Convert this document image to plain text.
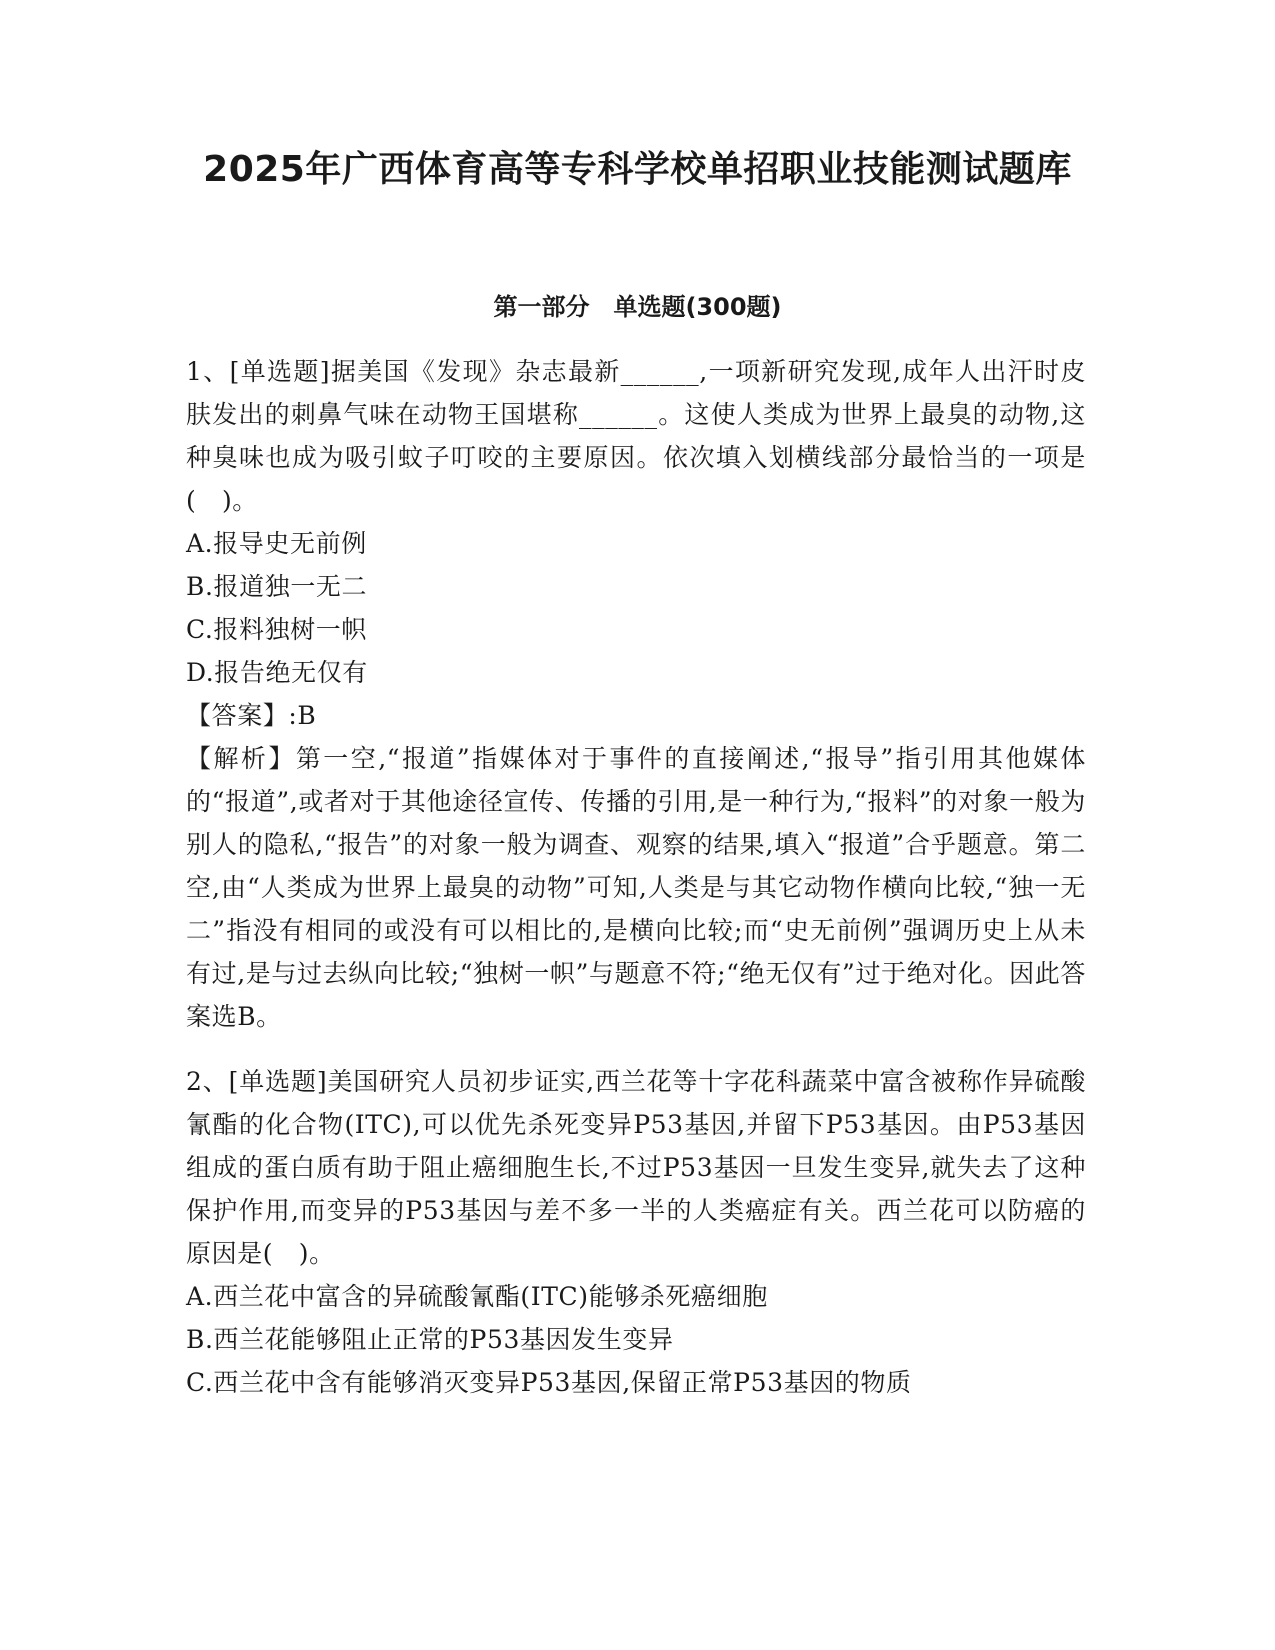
2025年广西体育高等专科学校单招职业技能测试题库
第一部分　单选题(300题)

1、[单选题]据美国《发现》杂志最新______,一项新研究发现,成年人出汗时皮肤发出的刺鼻气味在动物王国堪称______。这使人类成为世界上最臭的动物,这种臭味也成为吸引蚊子叮咬的主要原因。依次填入划横线部分最恰当的一项是(　)。

A.报导史无前例

B.报道独一无二

C.报料独树一帜

D.报告绝无仅有

【答案】:B

【解析】第一空,“报道”指媒体对于事件的直接阐述,“报导”指引用其他媒体的“报道”,或者对于其他途径宣传、传播的引用,是一种行为,“报料”的对象一般为别人的隐私,“报告”的对象一般为调查、观察的结果,填入“报道”合乎题意。第二空,由“人类成为世界上最臭的动物”可知,人类是与其它动物作横向比较,“独一无二”指没有相同的或没有可以相比的,是横向比较;而“史无前例”强调历史上从未有过,是与过去纵向比较;“独树一帜”与题意不符;“绝无仅有”过于绝对化。因此答案选B。

2、[单选题]美国研究人员初步证实,西兰花等十字花科蔬菜中富含被称作异硫酸氰酯的化合物(ITC),可以优先杀死变异P53基因,并留下P53基因。由P53基因组成的蛋白质有助于阻止癌细胞生长,不过P53基因一旦发生变异,就失去了这种保护作用,而变异的P53基因与差不多一半的人类癌症有关。西兰花可以防癌的原因是(　)。

A.西兰花中富含的异硫酸氰酯(ITC)能够杀死癌细胞

B.西兰花能够阻止正常的P53基因发生变异

C.西兰花中含有能够消灭变异P53基因,保留正常P53基因的物质
